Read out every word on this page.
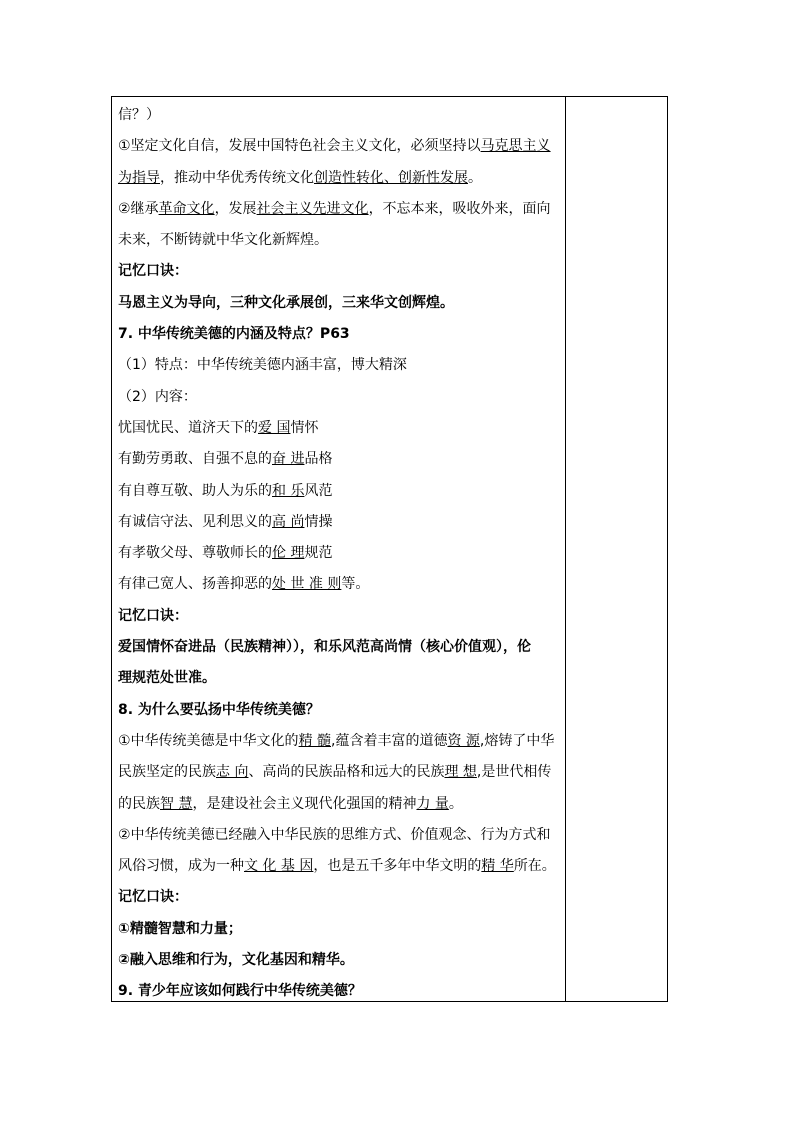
信？）
①坚定文化自信，发展中国特色社会主义文化，必须坚持以马克思主义
为指导，推动中华优秀传统文化创造性转化、创新性发展。
②继承革命文化，发展社会主义先进文化，不忘本来，吸收外来，面向
未来，不断铸就中华文化新辉煌。
记忆口诀：
马恩主义为导向，三种文化承展创，三来华文创辉煌。
7. 中华传统美德的内涵及特点？P63
（1）特点：中华传统美德内涵丰富，博大精深
（2）内容：
忧国忧民、道济天下的爱 国情怀
有勤劳勇敢、自强不息的奋 进品格
有自尊互敬、助人为乐的和 乐风范
有诚信守法、见利思义的高 尚情操
有孝敬父母、尊敬师长的伦 理规范
有律己宽人、扬善抑恶的处 世 准 则等。
记忆口诀：
爱国情怀奋进品（民族精神）），和乐风范高尚情（核心价值观），伦
理规范处世准。
8. 为什么要弘扬中华传统美德？
①中华传统美德是中华文化的精 髓,蕴含着丰富的道德资 源,熔铸了中华
民族坚定的民族志 向、高尚的民族品格和远大的民族理 想,是世代相传
的民族智 慧，是建设社会主义现代化强国的精神力 量。
②中华传统美德已经融入中华民族的思维方式、价值观念、行为方式和
风俗习惯，成为一种文 化 基 因，也是五千多年中华文明的精 华所在。
记忆口诀：
①精髓智慧和力量；
②融入思维和行为，文化基因和精华。
9. 青少年应该如何践行中华传统美德？
